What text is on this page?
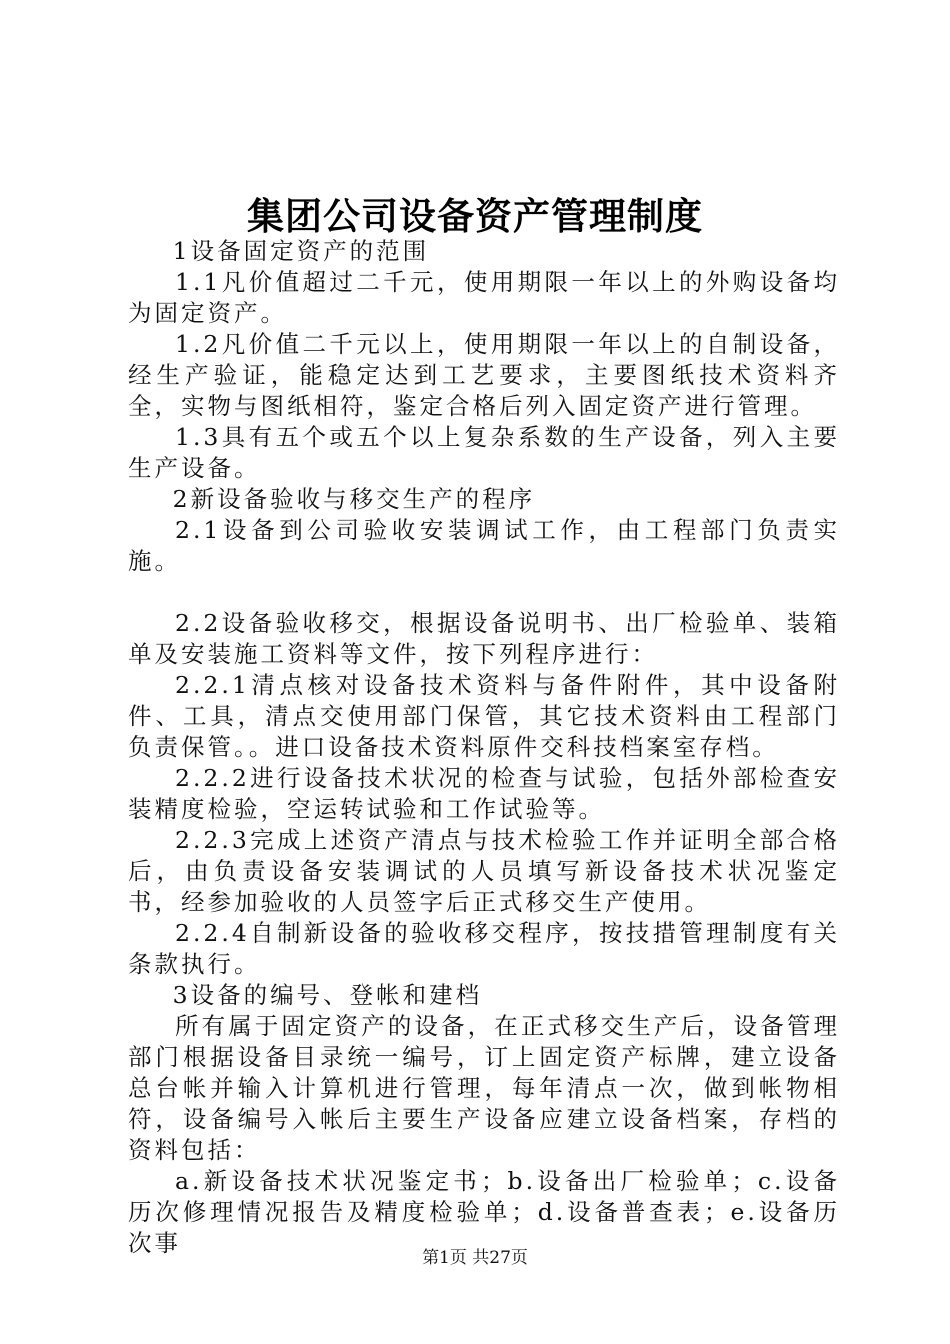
集团公司设备资产管理制度

1设备固定资产的范围

1.1凡价值超过二千元，使用期限一年以上的外购设备均为固定资产。

1.2凡价值二千元以上，使用期限一年以上的自制设备，经生产验证，能稳定达到工艺要求，主要图纸技术资料齐全，实物与图纸相符，鉴定合格后列入固定资产进行管理。

1.3具有五个或五个以上复杂系数的生产设备，列入主要生产设备。

2新设备验收与移交生产的程序

2.1设备到公司验收安装调试工作，由工程部门负责实施。

2.2设备验收移交，根据设备说明书、出厂检验单、装箱单及安装施工资料等文件，按下列程序进行：

2.2.1清点核对设备技术资料与备件附件，其中设备附件、工具，清点交使用部门保管，其它技术资料由工程部门负责保管。。进口设备技术资料原件交科技档案室存档。

2.2.2进行设备技术状况的检查与试验，包括外部检查安装精度检验，空运转试验和工作试验等。

2.2.3完成上述资产清点与技术检验工作并证明全部合格后，由负责设备安装调试的人员填写新设备技术状况鉴定书，经参加验收的人员签字后正式移交生产使用。

2.2.4自制新设备的验收移交程序，按技措管理制度有关条款执行。

3设备的编号、登帐和建档

所有属于固定资产的设备，在正式移交生产后，设备管理部门根据设备目录统一编号，订上固定资产标牌，建立设备总台帐并输入计算机进行管理，每年清点一次，做到帐物相符，设备编号入帐后主要生产设备应建立设备档案，存档的资料包括：

a.新设备技术状况鉴定书；b.设备出厂检验单；c.设备历次修理情况报告及精度检验单；d.设备普查表；e.设备历次事

第1页 共27页
